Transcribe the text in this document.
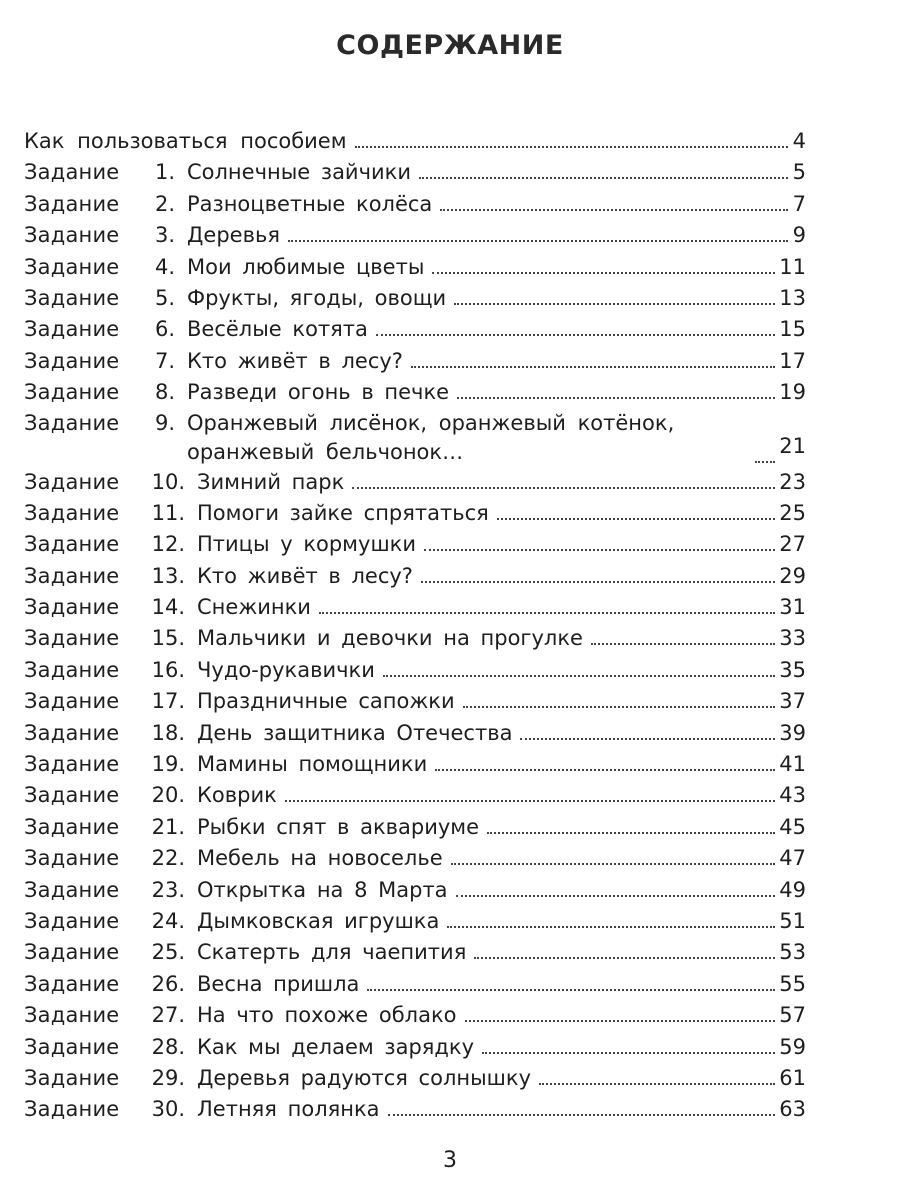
СОДЕРЖАНИЕ
Как пользоваться пособием	4
Задание	1. Солнечные зайчики	5
Задание	2. Разноцветные колёса	7
Задание	3. Деревья	9
Задание	4. Мои любимые цветы	11
Задание	5. Фрукты, ягоды, овощи	13
Задание	6. Весёлые котята	15
Задание	7. Кто живёт в лесу?	17
Задание	8. Разведи огонь в печке	19
Задание	9. Оранжевый лисёнок, оранжевый котёнок, оранжевый бельчонок…	21
Задание	10. Зимний парк	23
Задание	11. Помоги зайке спрятаться	25
Задание	12. Птицы у кормушки	27
Задание	13. Кто живёт в лесу?	29
Задание	14. Снежинки	31
Задание	15. Мальчики и девочки на прогулке	33
Задание	16. Чудо-рукавички	35
Задание	17. Праздничные сапожки	37
Задание	18. День защитника Отечества	39
Задание	19. Мамины помощники	41
Задание	20. Коврик	43
Задание	21. Рыбки спят в аквариуме	45
Задание	22. Мебель на новоселье	47
Задание	23. Открытка на 8 Марта	49
Задание	24. Дымковская игрушка	51
Задание	25. Скатерть для чаепития	53
Задание	26. Весна пришла	55
Задание	27. На что похоже облако	57
Задание	28. Как мы делаем зарядку	59
Задание	29. Деревья радуются солнышку	61
Задание	30. Летняя полянка	63
3
